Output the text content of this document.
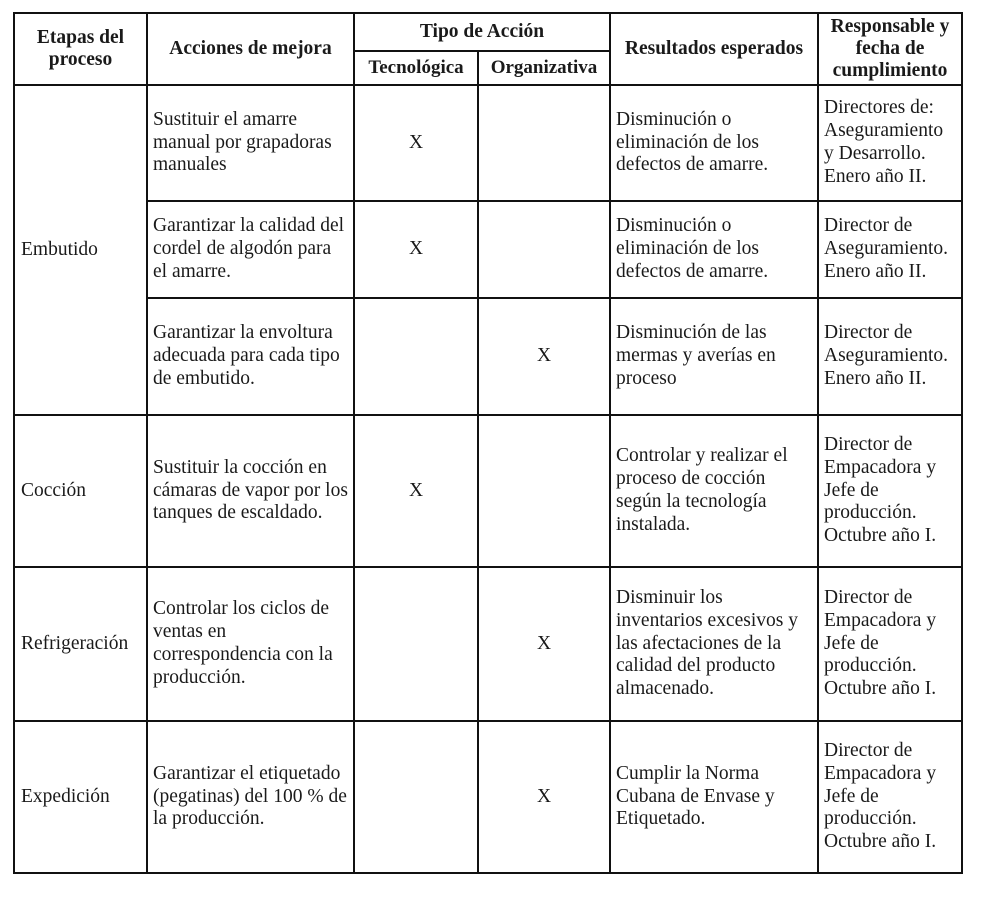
Etapas del proceso	Acciones de mejora	Tipo de Acción		Resultados esperados	Responsable y fecha de cumplimiento
		Tecnológica	Organizativa		
Embutido	Sustituir el amarre manual por grapadoras manuales	X		Disminución o eliminación de los defectos de amarre.	Directores de: Aseguramiento y Desarrollo. Enero año II.
	Garantizar la calidad del cordel de algodón para el amarre.	X		Disminución o eliminación de los defectos de amarre.	Director de Aseguramiento. Enero año II.
	Garantizar la envoltura adecuada para cada tipo de embutido.		X	Disminución de las mermas y averías en proceso	Director de Aseguramiento. Enero año II.
Cocción	Sustituir la cocción en cámaras de vapor por los tanques de escaldado.	X		Controlar y realizar el proceso de cocción según la tecnología instalada.	Director de Empacadora y Jefe de producción. Octubre año I.
Refrigeración	Controlar los ciclos de ventas en correspondencia con la producción.		X	Disminuir los inventarios excesivos y las afectaciones de la calidad del producto almacenado.	Director de Empacadora y Jefe de producción. Octubre año I.
Expedición	Garantizar el etiquetado (pegatinas) del 100 % de la producción.		X	Cumplir la Norma Cubana de Envase y Etiquetado.	Director de Empacadora y Jefe de producción. Octubre año I.
